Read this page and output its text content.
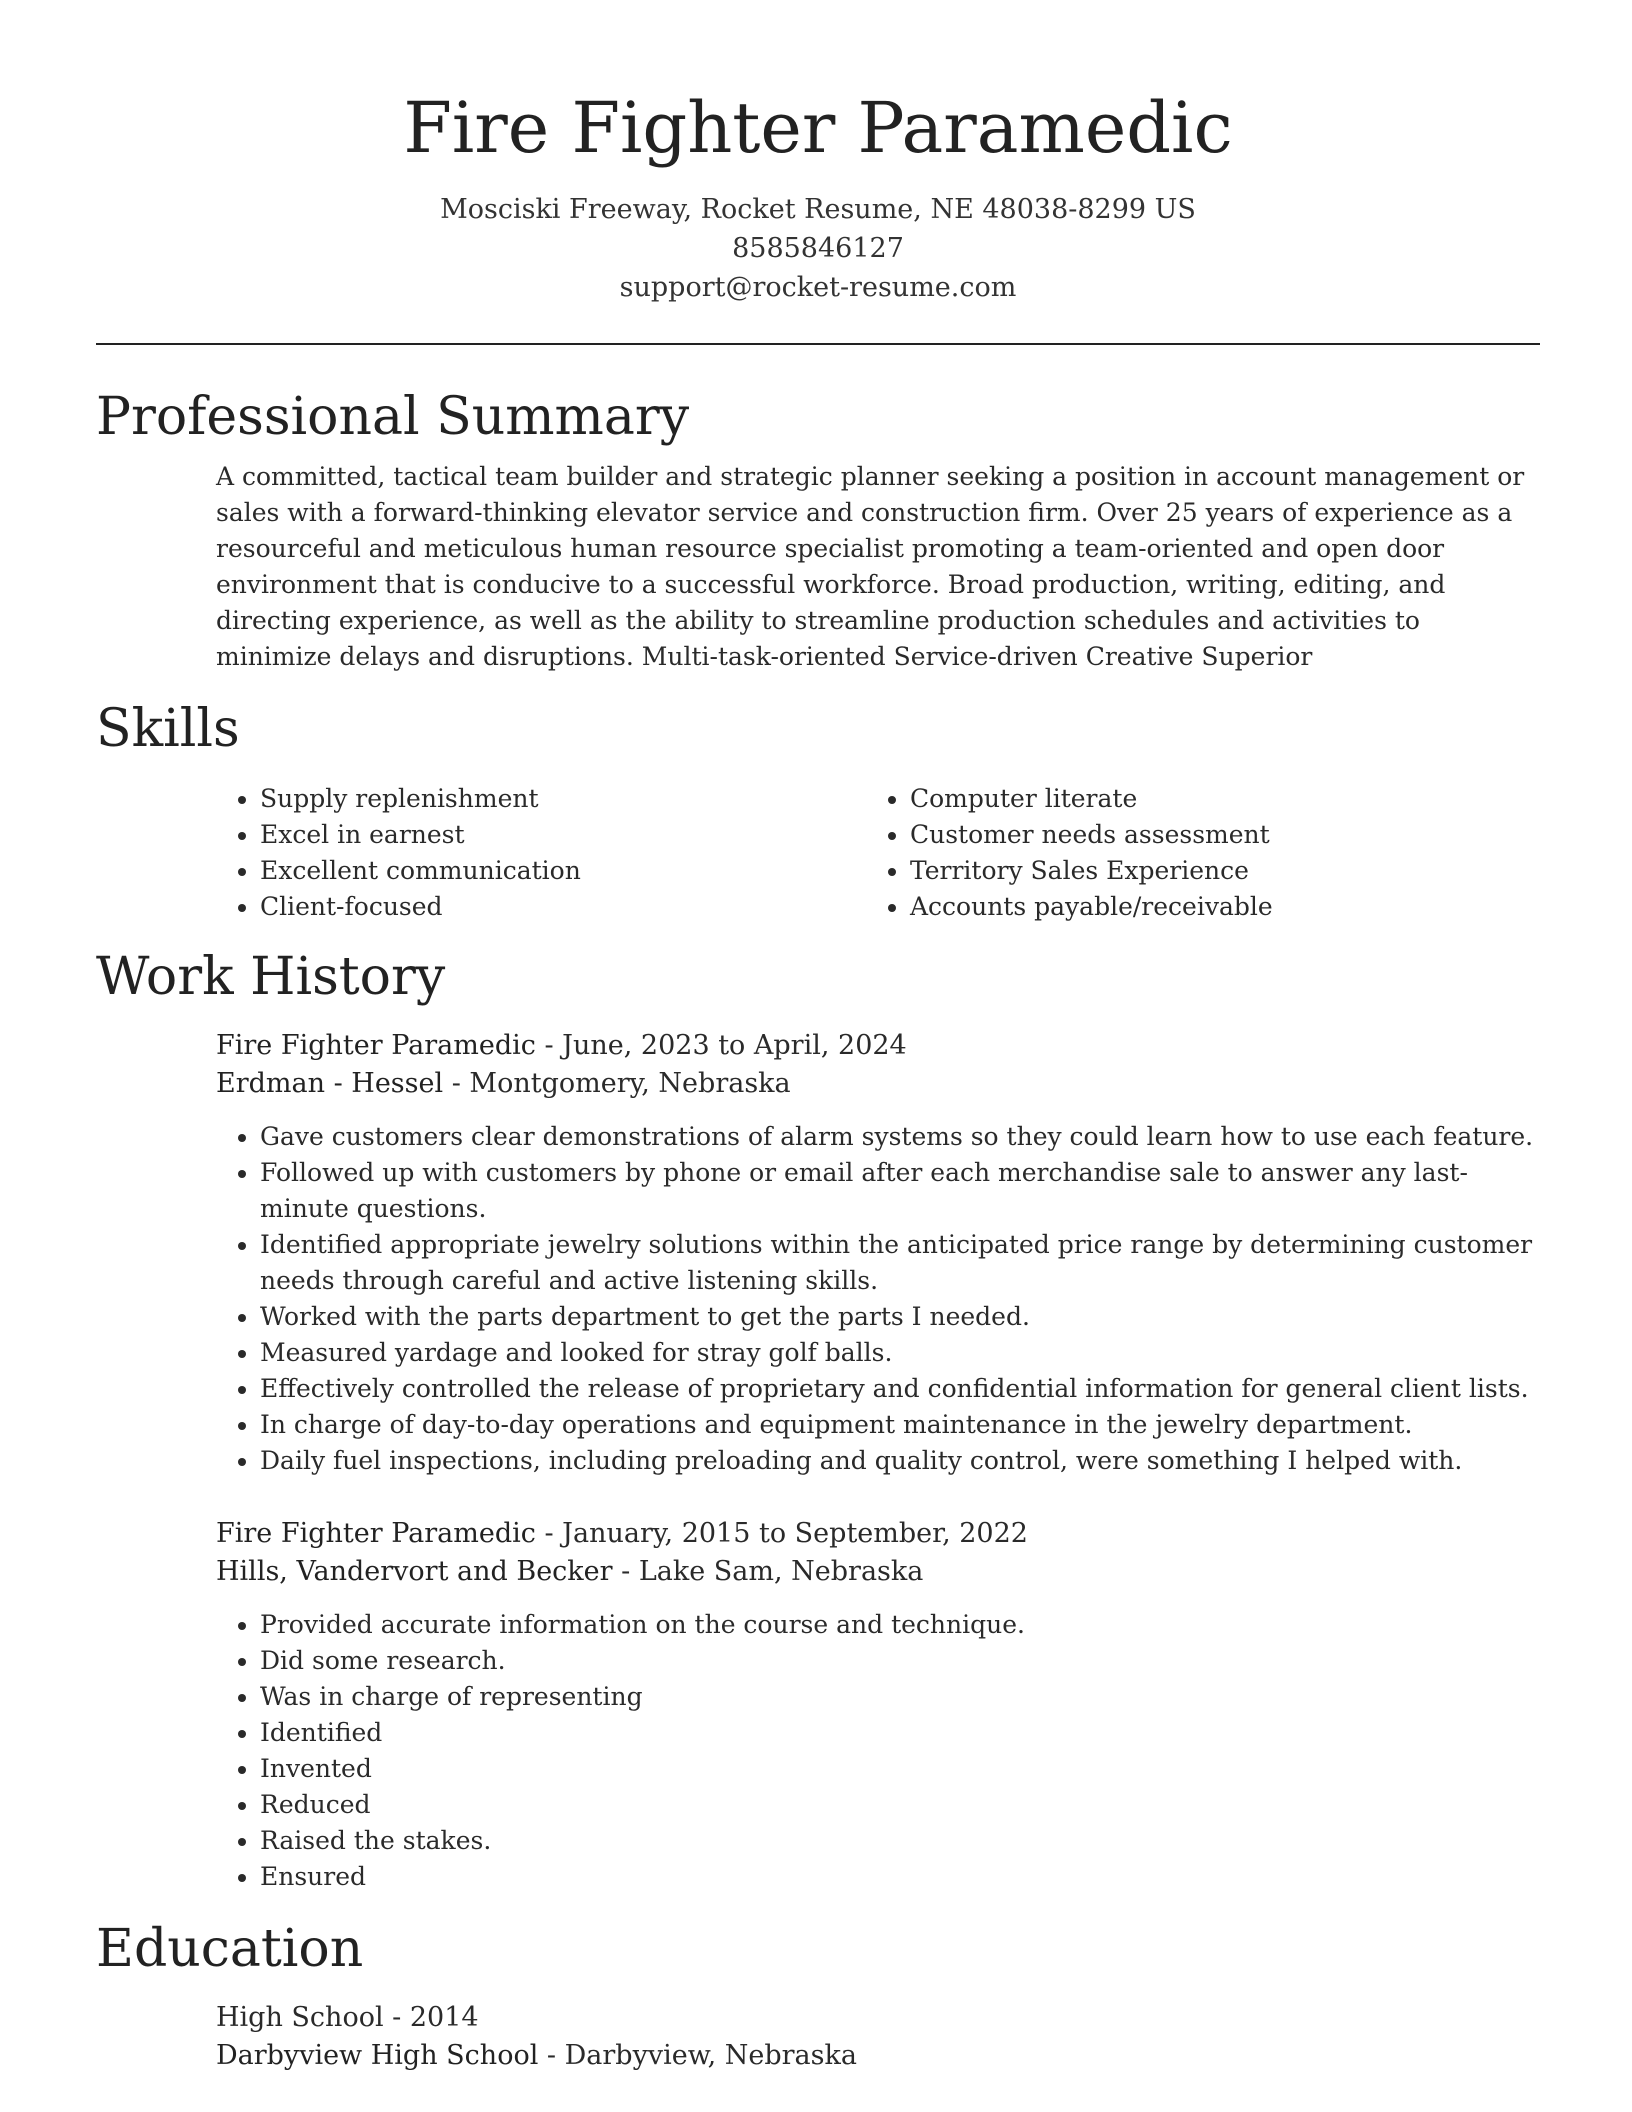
Fire Fighter Paramedic
Mosciski Freeway, Rocket Resume, NE 48038-8299 US
8585846127
support@rocket-resume.com
Professional Summary

A committed, tactical team builder and strategic planner seeking a position in account management or sales with a forward-thinking elevator service and construction firm. Over 25 years of experience as a resourceful and meticulous human resource specialist promoting a team-oriented and open door environment that is conducive to a successful workforce. Broad production, writing, editing, and directing experience, as well as the ability to streamline production schedules and activities to minimize delays and disruptions. Multi-task-oriented Service-driven Creative Superior

Skills
• Supply replenishment
• Excel in earnest
• Excellent communication
• Client-focused
• Computer literate
• Customer needs assessment
• Territory Sales Experience
• Accounts payable/receivable
Work History
Fire Fighter Paramedic - June, 2023 to April, 2024
Erdman - Hessel - Montgomery, Nebraska
• Gave customers clear demonstrations of alarm systems so they could learn how to use each feature.
• Followed up with customers by phone or email after each merchandise sale to answer any last-minute questions.
• Identified appropriate jewelry solutions within the anticipated price range by determining customer needs through careful and active listening skills.
• Worked with the parts department to get the parts I needed.
• Measured yardage and looked for stray golf balls.
• Effectively controlled the release of proprietary and confidential information for general client lists.
• In charge of day-to-day operations and equipment maintenance in the jewelry department.
• Daily fuel inspections, including preloading and quality control, were something I helped with.
Fire Fighter Paramedic - January, 2015 to September, 2022
Hills, Vandervort and Becker - Lake Sam, Nebraska
• Provided accurate information on the course and technique.
• Did some research.
• Was in charge of representing
• Identified
• Invented
• Reduced
• Raised the stakes.
• Ensured
Education
High School - 2014
Darbyview High School - Darbyview, Nebraska
